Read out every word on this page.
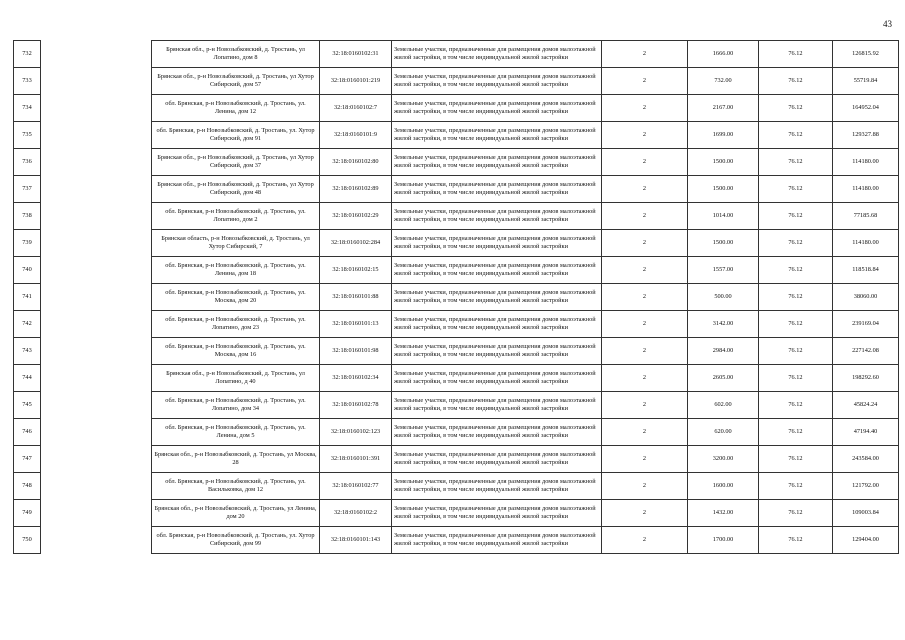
43
732		Брянская обл., р-н Новозыбковский, д. Тростань, ул Лопатино, дом 8	32:18:0160102:31	Земельные участки, предназначенные для размещения домов малоэтажной жилой застройки, в том числе индивидуальной жилой застройки	2	1666.00	76.12	126815.92
733		Брянская обл., р-н Новозыбковский, д. Тростань, ул Хутор Сибирский, дом 57	32:18:0160101:219	Земельные участки, предназначенные для размещения домов малоэтажной жилой застройки, в том числе индивидуальной жилой застройки	2	732.00	76.12	55719.84
734		обл. Брянская, р-н Новозыбковский, д. Тростань, ул. Ленина, дом 12	32:18:0160102:7	Земельные участки, предназначенные для размещения домов малоэтажной жилой застройки, в том числе индивидуальной жилой застройки	2	2167.00	76.12	164952.04
735		обл. Брянская, р-н Новозыбковский, д. Тростань, ул. Хутор Сибирский, дом 91	32:18:0160101:9	Земельные участки, предназначенные для размещения домов малоэтажной жилой застройки, в том числе индивидуальной жилой застройки	2	1699.00	76.12	129327.88
736		Брянская обл., р-н Новозыбковский, д. Тростань, ул Хутор Сибирский, дом 37	32:18:0160102:80	Земельные участки, предназначенные для размещения домов малоэтажной жилой застройки, в том числе индивидуальной жилой застройки	2	1500.00	76.12	114180.00
737		Брянская обл., р-н Новозыбковский, д. Тростань, ул Хутор Сибирский, дом 48	32:18:0160102:89	Земельные участки, предназначенные для размещения домов малоэтажной жилой застройки, в том числе индивидуальной жилой застройки	2	1500.00	76.12	114180.00
738		обл. Брянская, р-н Новозыбковский, д. Тростань, ул. Лопатино, дом 2	32:18:0160102:29	Земельные участки, предназначенные для размещения домов малоэтажной жилой застройки, в том числе индивидуальной жилой застройки	2	1014.00	76.12	77185.68
739		Брянская область, р-н Новозыбковский, д. Тростань, ул Хутор Сибирский, 7	32:18:0160102:284	Земельные участки, предназначенные для размещения домов малоэтажной жилой застройки, в том числе индивидуальной жилой застройки	2	1500.00	76.12	114180.00
740		обл. Брянская, р-н Новозыбковский, д. Тростань, ул. Ленина, дом 18	32:18:0160102:15	Земельные участки, предназначенные для размещения домов малоэтажной жилой застройки, в том числе индивидуальной жилой застройки	2	1557.00	76.12	118518.84
741		обл. Брянская, р-н Новозыбковский, д. Тростань, ул. Москва, дом 20	32:18:0160101:88	Земельные участки, предназначенные для размещения домов малоэтажной жилой застройки, в том числе индивидуальной жилой застройки	2	500.00	76.12	38060.00
742		обл. Брянская, р-н Новозыбковский, д. Тростань, ул. Лопатино, дом 23	32:18:0160101:13	Земельные участки, предназначенные для размещения домов малоэтажной жилой застройки, в том числе индивидуальной жилой застройки	2	3142.00	76.12	239169.04
743		обл. Брянская, р-н Новозыбковский, д. Тростань, ул. Москва, дом 16	32:18:0160101:98	Земельные участки, предназначенные для размещения домов малоэтажной жилой застройки, в том числе индивидуальной жилой застройки	2	2984.00	76.12	227142.08
744		Брянская обл., р-н Новозыбковский, д. Тростань, ул Лопатино, д 40	32:18:0160102:34	Земельные участки, предназначенные для размещения домов малоэтажной жилой застройки, в том числе индивидуальной жилой застройки	2	2605.00	76.12	198292.60
745		обл. Брянская, р-н Новозыбковский, д. Тростань, ул. Лопатино, дом 34	32:18:0160102:78	Земельные участки, предназначенные для размещения домов малоэтажной жилой застройки, в том числе индивидуальной жилой застройки	2	602.00	76.12	45824.24
746		обл. Брянская, р-н Новозыбковский, д. Тростань, ул. Ленина, дом 5	32:18:0160102:123	Земельные участки, предназначенные для размещения домов малоэтажной жилой застройки, в том числе индивидуальной жилой застройки	2	620.00	76.12	47194.40
747		Брянская обл., р-н Новозыбковский, д. Тростань, ул Москва, 28	32:18:0160101:391	Земельные участки, предназначенные для размещения домов малоэтажной жилой застройки, в том числе индивидуальной жилой застройки	2	3200.00	76.12	243584.00
748		обл. Брянская, р-н Новозыбковский, д. Тростань, ул. Васильковка, дом 12	32:18:0160102:77	Земельные участки, предназначенные для размещения домов малоэтажной жилой застройки, в том числе индивидуальной жилой застройки	2	1600.00	76.12	121792.00
749		Брянская обл., р-н Новозыбковский, д. Тростань, ул Ленина, дом 20	32:18:0160102:2	Земельные участки, предназначенные для размещения домов малоэтажной жилой застройки, в том числе индивидуальной жилой застройки	2	1432.00	76.12	109003.84
750		обл. Брянская, р-н Новозыбковский, д. Тростань, ул. Хутор Сибирский, дом 99	32:18:0160101:143	Земельные участки, предназначенные для размещения домов малоэтажной жилой застройки, в том числе индивидуальной жилой застройки	2	1700.00	76.12	129404.00
